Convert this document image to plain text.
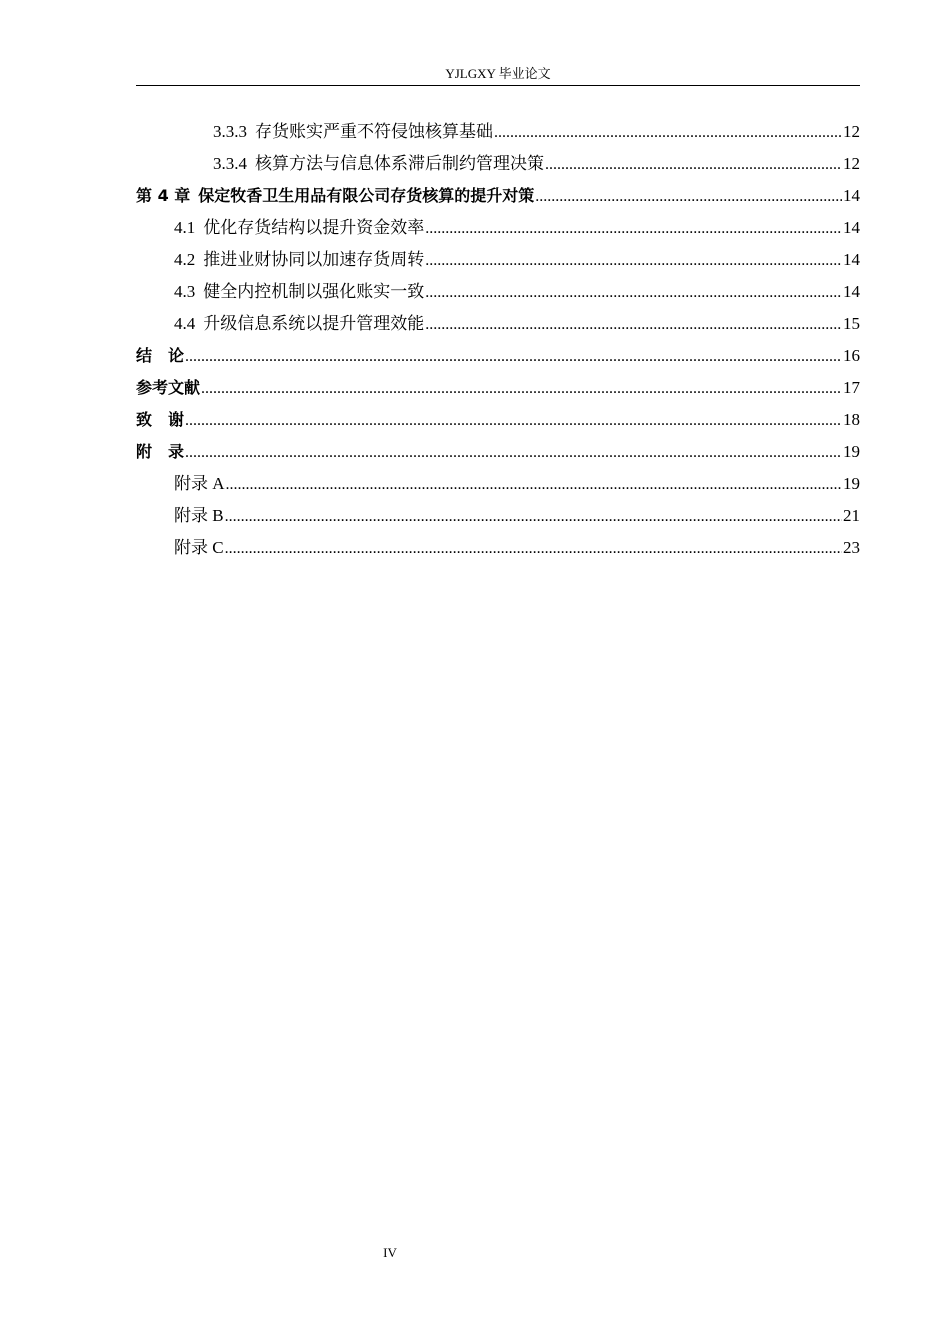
YJLGXY 毕业论文
3.3.3 存货账实严重不符侵蚀核算基础 .....	12
3.3.4 核算方法与信息体系滞后制约管理决策 .....	12
第 4 章 保定牧香卫生用品有限公司存货核算的提升对策 .....	14
4.1 优化存货结构以提升资金效率 .....	14
4.2 推进业财协同以加速存货周转 .....	14
4.3 健全内控机制以强化账实一致 .....	14
4.4 升级信息系统以提升管理效能 .....	15
结　论 .....	16
参考文献 .....	17
致　谢 .....	18
附　录 .....	19
附录 A .....	19
附录 B .....	21
附录 C .....	23
IV
